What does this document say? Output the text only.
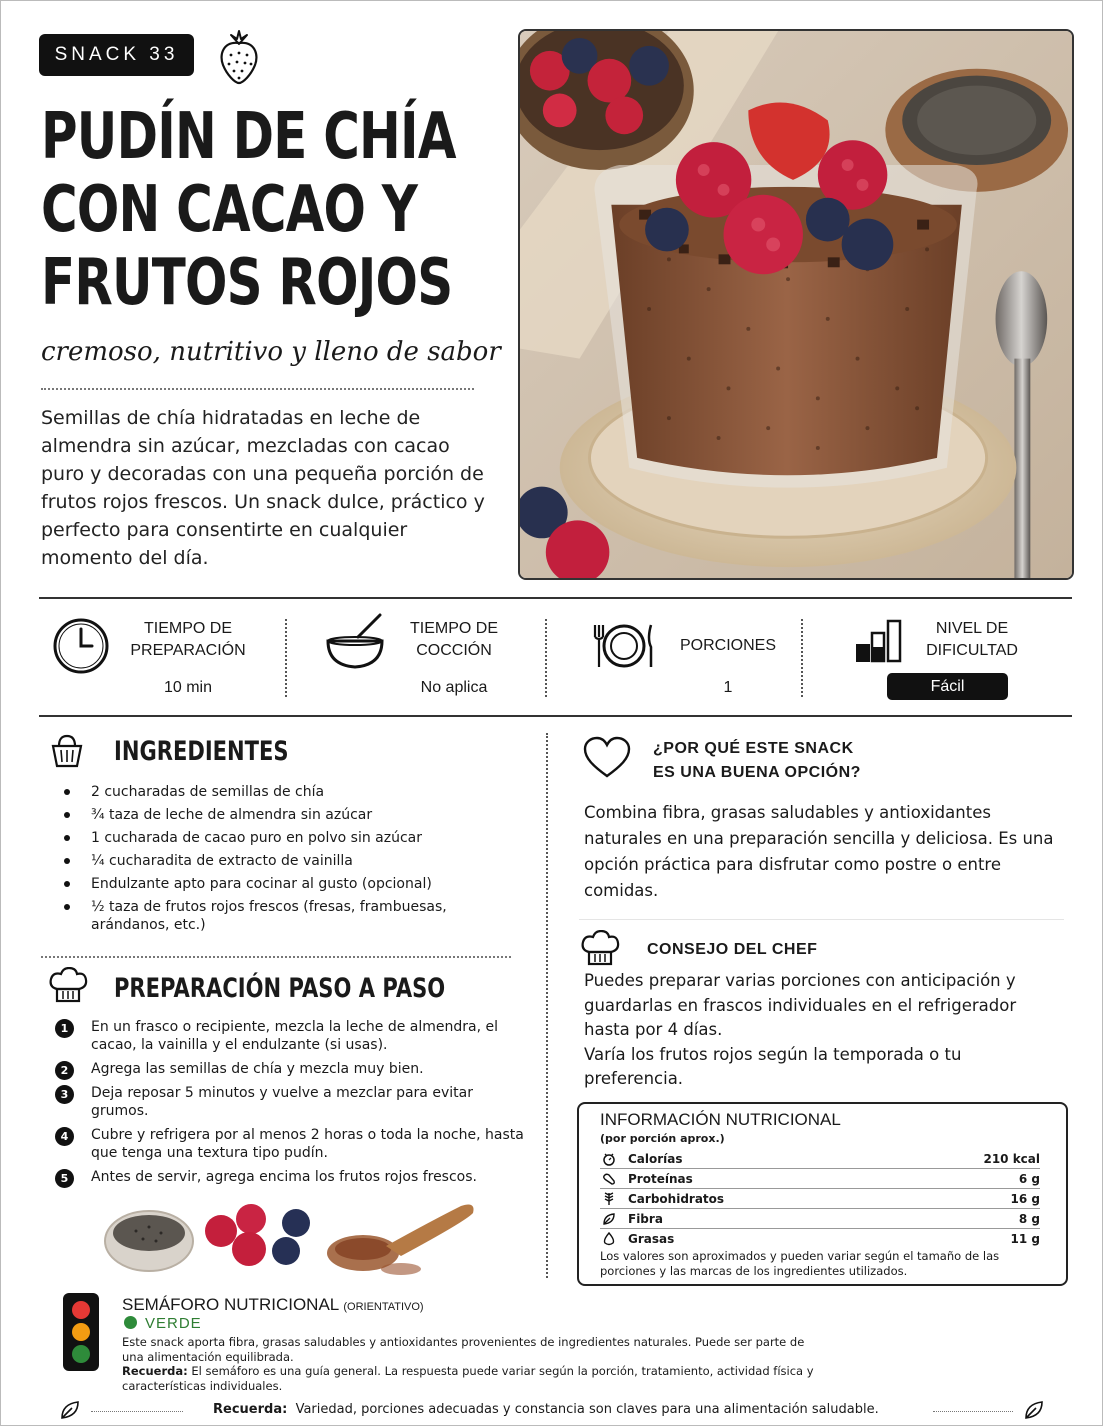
SNACK 33
PUDÍN DE CHÍA
CON CACAO Y
FRUTOS ROJOS
cremoso, nutritivo y lleno de sabor

Semillas de chía hidratadas en leche de almendra sin azúcar, mezcladas con cacao puro y decoradas con una pequeña porción de frutos rojos frescos. Un snack dulce, práctico y perfecto para consentirte en cualquier momento del día.

TIEMPO DE PREPARACIÓN
10 min
TIEMPO DE COCCIÓN
No aplica
PORCIONES
1
NIVEL DE DIFICULTAD
Fácil
INGREDIENTES
2 cucharadas de semillas de chía
¾ taza de leche de almendra sin azúcar
1 cucharada de cacao puro en polvo sin azúcar
¼ cucharadita de extracto de vainilla
Endulzante apto para cocinar al gusto (opcional)
½ taza de frutos rojos frescos (fresas, frambuesas, arándanos, etc.)
PREPARACIÓN PASO A PASO
1	En un frasco o recipiente, mezcla la leche de almendra, el cacao, la vainilla y el endulzante (si usas).
2	Agrega las semillas de chía y mezcla muy bien.
3	Deja reposar 5 minutos y vuelve a mezclar para evitar grumos.
4	Cubre y refrigera por al menos 2 horas o toda la noche, hasta que tenga una textura tipo pudín.
5	Antes de servir, agrega encima los frutos rojos frescos.
¿POR QUÉ ESTE SNACK
ES UNA BUENA OPCIÓN?

Combina fibra, grasas saludables y antioxidantes naturales en una preparación sencilla y deliciosa. Es una opción práctica para disfrutar como postre o entre comidas.

CONSEJO DEL CHEF

Puedes preparar varias porciones con anticipación y guardarlas en frascos individuales en el refrigerador hasta por 4 días.

Varía los frutos rojos según la temporada o tu preferencia.

INFORMACIÓN NUTRICIONAL
(por porción aprox.)
Calorías	210 kcal
Proteínas	6 g
Carbohidratos	16 g
Fibra	8 g
Grasas	11 g

Los valores son aproximados y pueden variar según el tamaño de las porciones y las marcas de los ingredientes utilizados.

SEMÁFORO NUTRICIONAL (ORIENTATIVO)
VERDE

Este snack aporta fibra, grasas saludables y antioxidantes provenientes de ingredientes naturales. Puede ser parte de una alimentación equilibrada.

Recuerda: El semáforo es una guía general. La respuesta puede variar según la porción, tratamiento, actividad física y características individuales.

Recuerda: Variedad, porciones adecuadas y constancia son claves para una alimentación saludable.
